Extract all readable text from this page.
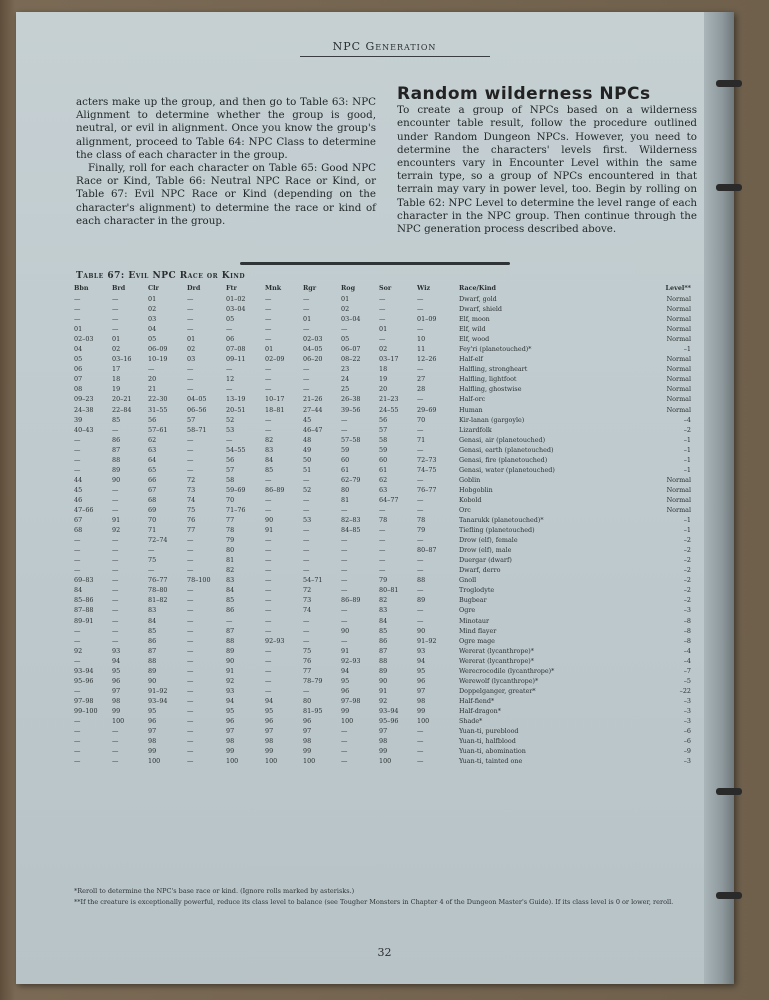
NPC Generation

acters make up the group, and then go to Table 63: NPC Alignment to determine whether the group is good, neutral, or evil in alignment. Once you know the group's alignment, proceed to Table 64: NPC Class to determine the class of each character in the group.

Finally, roll for each character on Table 65: Good NPC Race or Kind, Table 66: Neutral NPC Race or Kind, or Table 67: Evil NPC Race or Kind (depending on the character's alignment) to determine the race or kind of each character in the group.

Random wilderness NPCs

To create a group of NPCs based on a wilderness encounter table result, follow the procedure outlined under Random Dungeon NPCs. However, you need to determine the characters' levels first. Wilderness encounters vary in Encounter Level within the same terrain type, so a group of NPCs encountered in that terrain may vary in power level, too. Begin by rolling on Table 62: NPC Level to determine the level range of each character in the NPC group. Then continue through the NPC generation process described above.

Table 67: Evil NPC Race or Kind
Bbn	Brd	Clr	Drd	Ftr	Mnk	Rgr	Rog	Sor	Wiz	Race/Kind	Level**
—	—	01	—	01–02	—	—	01	—	—	Dwarf, gold	Normal
—	—	02	—	03–04	—	—	02	—	—	Dwarf, shield	Normal
—	—	03	—	05	—	01	03–04	—	01–09	Elf, moon	Normal
01	—	04	—	—	—	—	—	01	—	Elf, wild	Normal
02–03	01	05	01	06	—	02–03	05	—	10	Elf, wood	Normal
04	02	06–09	02	07–08	01	04–05	06–07	02	11	Fey'ri (planetouched)*	–1
05	03–16	10–19	03	09–11	02–09	06–20	08–22	03–17	12–26	Half-elf	Normal
06	17	—	—	—	—	—	23	18	—	Halfling, strongheart	Normal
07	18	20	—	12	—	—	24	19	27	Halfling, lightfoot	Normal
08	19	21	—	—	—	—	25	20	28	Halfling, ghostwise	Normal
09–23	20–21	22–30	04–05	13–19	10–17	21–26	26–38	21–23	—	Half-orc	Normal
24–38	22–84	31–55	06–56	20–51	18–81	27–44	39–56	24–55	29–69	Human	Normal
39	85	56	57	52	—	45	—	56	70	Kir-lanan (gargoyle)	–4
40–43	—	57–61	58–71	53	—	46–47	—	57	—	Lizardfolk	–2
—	86	62	—	—	82	48	57–58	58	71	Genasi, air (planetouched)	–1
—	87	63	—	54–55	83	49	59	59	—	Genasi, earth (planetouched)	–1
—	88	64	—	56	84	50	60	60	72–73	Genasi, fire (planetouched)	–1
—	89	65	—	57	85	51	61	61	74–75	Genasi, water (planetouched)	–1
44	90	66	72	58	—	—	62–79	62	—	Goblin	Normal
45	—	67	73	59–69	86–89	52	80	63	76–77	Hobgoblin	Normal
46	—	68	74	70	—	—	81	64–77	—	Kobold	Normal
47–66	—	69	75	71–76	—	—	—	—	—	Orc	Normal
67	91	70	76	77	90	53	82–83	78	78	Tanarukk (planetouched)*	–1
68	92	71	77	78	91	—	84–85	—	79	Tiefling (planetouched)	–1
—	—	72–74	—	79	—	—	—	—	—	Drow (elf), female	–2
—	—	—	—	80	—	—	—	—	80–87	Drow (elf), male	–2
—	—	75	—	81	—	—	—	—	—	Duergar (dwarf)	–2
—	—	—	—	82	—	—	—	—	—	Dwarf, derro	–2
69–83	—	76–77	78–100	83	—	54–71	—	79	88	Gnoll	–2
84	—	78–80	—	84	—	72	—	80–81	—	Troglodyte	–2
85–86	—	81–82	—	85	—	73	86–89	82	89	Bugbear	–2
87–88	—	83	—	86	—	74	—	83	—	Ogre	–3
89–91	—	84	—	—	—	—	—	84	—	Minotaur	–8
—	—	85	—	87	—	—	90	85	90	Mind flayer	–8
—	—	86	—	88	92–93	—	—	86	91–92	Ogre mage	–8
92	93	87	—	89	—	75	91	87	93	Wererat (lycanthrope)*	–4
—	94	88	—	90	—	76	92–93	88	94	Wererat (lycanthrope)*	–4
93–94	95	89	—	91	—	77	94	89	95	Werecrocodile (lycanthrope)*	–7
95–96	96	90	—	92	—	78–79	95	90	96	Werewolf (lycanthrope)*	–5
—	97	91–92	—	93	—	—	96	91	97	Doppelganger, greater*	–22
97–98	98	93–94	—	94	94	80	97–98	92	98	Half-fiend*	–3
99–100	99	95	—	95	95	81–95	99	93–94	99	Half-dragon*	–3
—	100	96	—	96	96	96	100	95–96	100	Shade*	–3
—	—	97	—	97	97	97	—	97	—	Yuan-ti, pureblood	–6
—	—	98	—	98	98	98	—	98	—	Yuan-ti, halfblood	–6
—	—	99	—	99	99	99	—	99	—	Yuan-ti, abomination	–9
—	—	100	—	100	100	100	—	100	—	Yuan-ti, tainted one	–3
*Reroll to determine the NPC's base race or kind. (Ignore rolls marked by asterisks.)
**If the creature is exceptionally powerful, reduce its class level to balance (see Tougher Monsters in Chapter 4 of the Dungeon Master's Guide). If its class level is 0 or lower, reroll.
32
